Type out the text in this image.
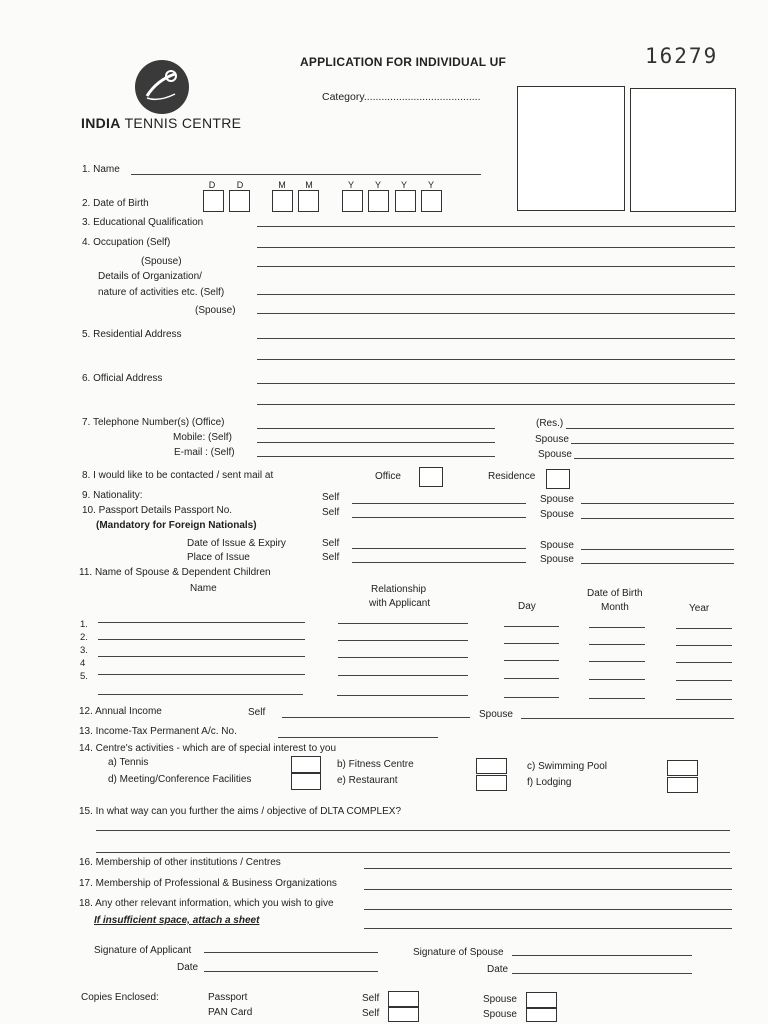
APPLICATION FOR INDIVIDUAL UF	16279
INDIA TENNIS CENTRE
Category........................................
1. Name
D	D	M	M	Y	Y	Y	Y
2. Date of Birth
3. Educational Qualification
4. Occupation (Self)
(Spouse)
Details of Organization/
nature of activities etc. (Self)
(Spouse)
5. Residential Address
6. Official Address
7. Telephone Number(s) (Office)	(Res.)
Mobile: (Self)	Spouse
E-mail : (Self)	Spouse
8. I would like to be contacted / sent mail at	Office	Residence
9. Nationality:	Self	Spouse
10. Passport Details Passport No.	Self	Spouse
(Mandatory for Foreign Nationals)
Date of Issue & Expiry	Self	Spouse
Place of Issue	Self	Spouse
11. Name of Spouse & Dependent Children
Name	Relationship
with Applicant
Date of Birth
Day	Month	Year
1.
2.
3.
4
5.
12. Annual Income	Self	Spouse
13. Income-Tax Permanent A/c. No.
14. Centre's activities - which are of special interest to you
a) Tennis	b) Fitness Centre	c) Swimming Pool
d) Meeting/Conference Facilities	e) Restaurant	f) Lodging
15. In what way can you further the aims / objective of DLTA COMPLEX?
16. Membership of other institutions / Centres
17. Membership of Professional & Business Organizations
18. Any other relevant information, which you wish to give
If insufficient space, attach a sheet
Signature of Applicant	Signature of Spouse
Date	Date
Copies Enclosed:	Passport	Self	Spouse
PAN Card	Self	Spouse
